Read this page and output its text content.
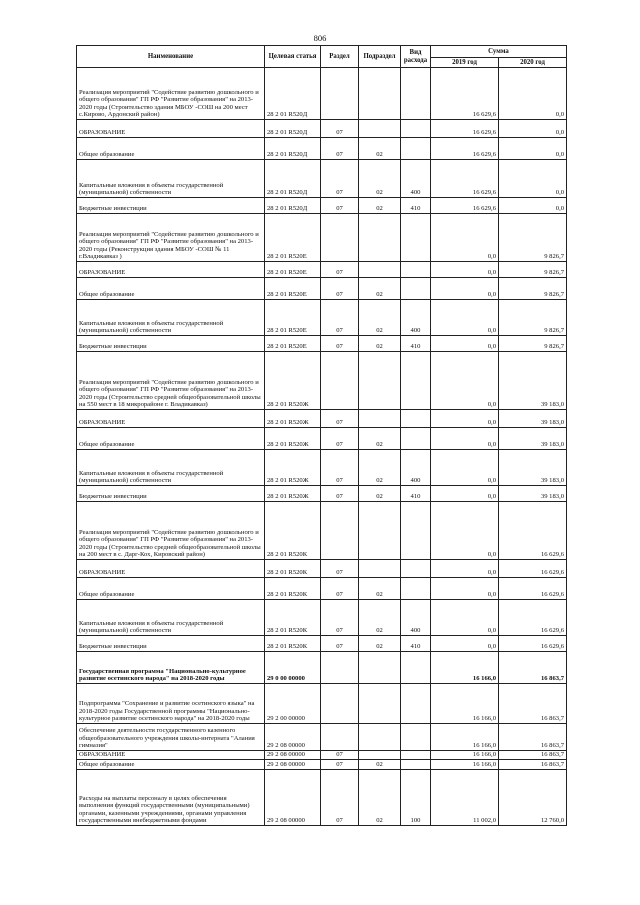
806
Наименование	Целевая статья	Раздел	Подраздел	Вид расхода	Сумма	
					2019 год	2020 год
Реализация мероприятий "Содействие развитию дошкольного и общего образования" ГП РФ "Развитие образования" на 2013-2020 годы (Строительство здания МБОУ -СОШ на 200 мест с.Кирово, Ардонский район)	28 2 01 R520Д				16 629,6	0,0
ОБРАЗОВАНИЕ	28 2 01 R520Д	07			16 629,6	0,0
Общее образование	28 2 01 R520Д	07	02		16 629,6	0,0
Капитальные вложения в объекты государственной (муниципальной) собственности	28 2 01 R520Д	07	02	400	16 629,6	0,0
Бюджетные инвестиции	28 2 01 R520Д	07	02	410	16 629,6	0,0
Реализация мероприятий "Содействие развитию дошкольного и общего образования" ГП РФ "Развитие образования" на 2013-2020 годы (Реконструкция здания МБОУ -СОШ № 11 г.Владикавказ )	28 2 01 R520Е				0,0	9 826,7
ОБРАЗОВАНИЕ	28 2 01 R520Е	07			0,0	9 826,7
Общее образование	28 2 01 R520Е	07	02		0,0	9 826,7
Капитальные вложения в объекты государственной (муниципальной) собственности	28 2 01 R520Е	07	02	400	0,0	9 826,7
Бюджетные инвестиции	28 2 01 R520Е	07	02	410	0,0	9 826,7
Реализация мероприятий "Содействие развитию дошкольного и общего образования" ГП РФ "Развитие образования" на 2013-2020 годы (Строительство средней общеобразовательной школы на 550 мест в 18 микрорайоне г. Владикавказ)	28 2 01 R520Ж				0,0	39 183,0
ОБРАЗОВАНИЕ	28 2 01 R520Ж	07			0,0	39 183,0
Общее образование	28 2 01 R520Ж	07	02		0,0	39 183,0
Капитальные вложения в объекты государственной (муниципальной) собственности	28 2 01 R520Ж	07	02	400	0,0	39 183,0
Бюджетные инвестиции	28 2 01 R520Ж	07	02	410	0,0	39 183,0
Реализация мероприятий "Содействие развитию дошкольного и общего образования" ГП РФ "Развитие образования" на 2013-2020 годы (Строительство средней общеобразовательной школы на 200 мест в с. Дарг-Кох, Кировский район)	28 2 01 R520К				0,0	16 629,6
ОБРАЗОВАНИЕ	28 2 01 R520К	07			0,0	16 629,6
Общее образование	28 2 01 R520К	07	02		0,0	16 629,6
Капитальные вложения в объекты государственной (муниципальной) собственности	28 2 01 R520К	07	02	400	0,0	16 629,6
Бюджетные инвестиции	28 2 01 R520К	07	02	410	0,0	16 629,6
Государственная программа "Национально-культурное развитие осетинского народа" на 2018-2020 годы	29 0 00 00000				16 166,0	16 863,7
Подпрограмма "Сохранение и развитие осетинского языка" на 2018-2020 годы Государственной программы "Национально-культурное развитие осетинского народа" на 2018-2020 годы	29 2 00 00000				16 166,0	16 863,7
Обеспечение деятельности государственного казенного общеобразовательного учреждения школы-интерната "Алания гимназия"	29 2 08 00000				16 166,0	16 863,7
ОБРАЗОВАНИЕ	29 2 08 00000	07			16 166,0	16 863,7
Общее образование	29 2 08 00000	07	02		16 166,0	16 863,7
Расходы на выплаты персоналу в целях обеспечения выполнения функций государственными (муниципальными) органами, казенными учреждениями, органами управления государственными внебюджетными фондами	29 2 08 00000	07	02	100	11 002,0	12 760,0
